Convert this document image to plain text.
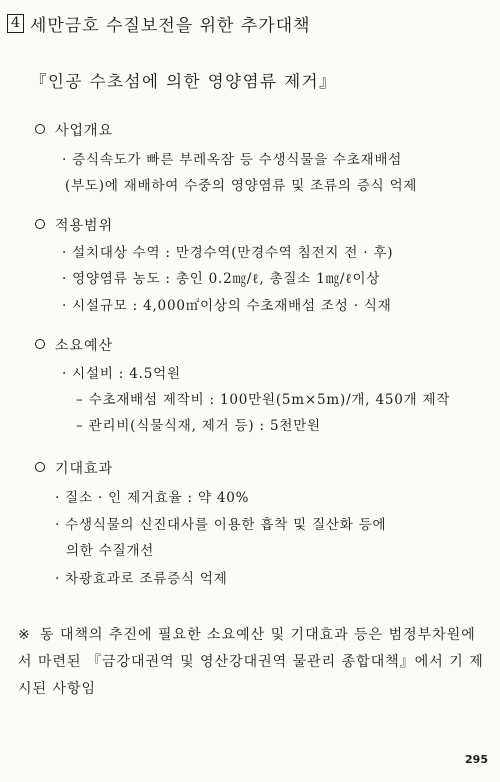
4 세만금호 수질보전을 위한 추가대책
『인공 수초섬에 의한 영양염류 제거』
사업개요
· 증식속도가 빠른 부레옥잠 등 수생식물을 수초재배섬
(부도)에 재배하여 수중의 영양염류 및 조류의 증식 억제
적용범위
· 설치대상 수역 : 만경수역(만경수역 침전지 전 · 후)
· 영양염류 농도 : 총인 0.2㎎/ℓ, 총질소 1㎎/ℓ이상
· 시설규모 : 4,000㎡이상의 수초재배섬 조성 · 식재
소요예산
· 시설비 : 4.5억원
– 수초재배섬 제작비 : 100만원(5m×5m)/개, 450개 제작
– 관리비(식물식재, 제거 등) : 5천만원
기대효과
· 질소 · 인 제거효율 : 약 40%
· 수생식물의 신진대사를 이용한 흡착 및 질산화 등에
의한 수질개선
· 차광효과로 조류증식 억제
※ 동 대책의 추진에 필요한 소요예산 및 기대효과 등은 범정부차원에서 마련된 『금강대권역 및 영산강대권역 물관리 종합대책』에서 기 제시된 사항임
295
